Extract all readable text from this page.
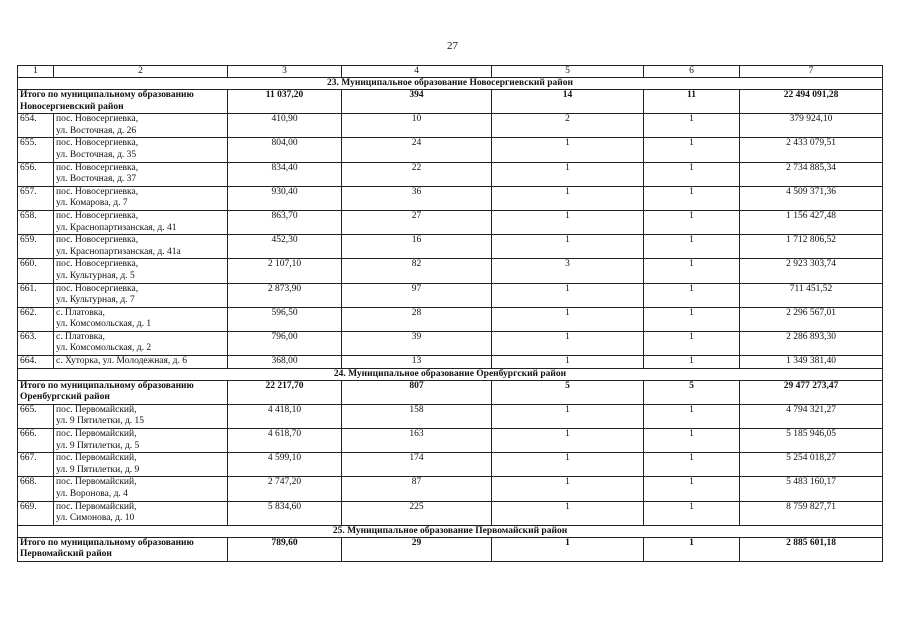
27
1	2	3	4	5	6	7
23. Муниципальное образование Новосергиевский район						

Итого по муниципальному образованию
Новосергиевский район		11 037,20	394	14	11	22 494 091,28
654.	пос. Новосергиевка,
ул. Восточная, д. 26	410,90	10	2	1	379 924,10
655.	пос. Новосергиевка,
ул. Восточная, д. 35	804,00	24	1	1	2 433 079,51
656.	пос. Новосергиевка,
ул. Восточная, д. 37	834,40	22	1	1	2 734 885,34
657.	пос. Новосергиевка,
ул. Комарова, д. 7	930,40	36	1	1	4 509 371,36
658.	пос. Новосергиевка,
ул. Краснопартизанская, д. 41	863,70	27	1	1	1 156 427,48
659.	пос. Новосергиевка,
ул. Краснопартизанская, д. 41а	452,30	16	1	1	1 712 806,52
660.	пос. Новосергиевка,
ул. Культурная, д. 5	2 107,10	82	3	1	2 923 303,74
661.	пос. Новосергиевка,
ул. Культурная, д. 7	2 873,90	97	1	1	711 451,52
662.	с. Платовка,
ул. Комсомольская, д. 1	596,50	28	1	1	2 296 567,01
663.	с. Платовка,
ул. Комсомольская, д. 2	796,00	39	1	1	2 286 893,30
664.	с. Хуторка, ул. Молодежная, д. 6	368,00	13	1	1	1 349 381,40
24. Муниципальное образование Оренбургский район						

Итого по муниципальному образованию
Оренбургский район		22 217,70	807	5	5	29 477 273,47
665.	пос. Первомайский,
ул. 9 Пятилетки, д. 15	4 418,10	158	1	1	4 794 321,27
666.	пос. Первомайский,
ул. 9 Пятилетки, д. 5	4 618,70	163	1	1	5 185 946,05
667.	пос. Первомайский,
ул. 9 Пятилетки, д. 9	4 599,10	174	1	1	5 254 018,27
668.	пос. Первомайский,
ул. Воронова, д. 4	2 747,20	87	1	1	5 483 160,17
669.	пос. Первомайский,
ул. Симонова, д. 10	5 834,60	225	1	1	8 759 827,71
25. Муниципальное образование Первомайский район						

Итого по муниципальному образованию
Первомайский район		789,60	29	1	1	2 885 601,18
